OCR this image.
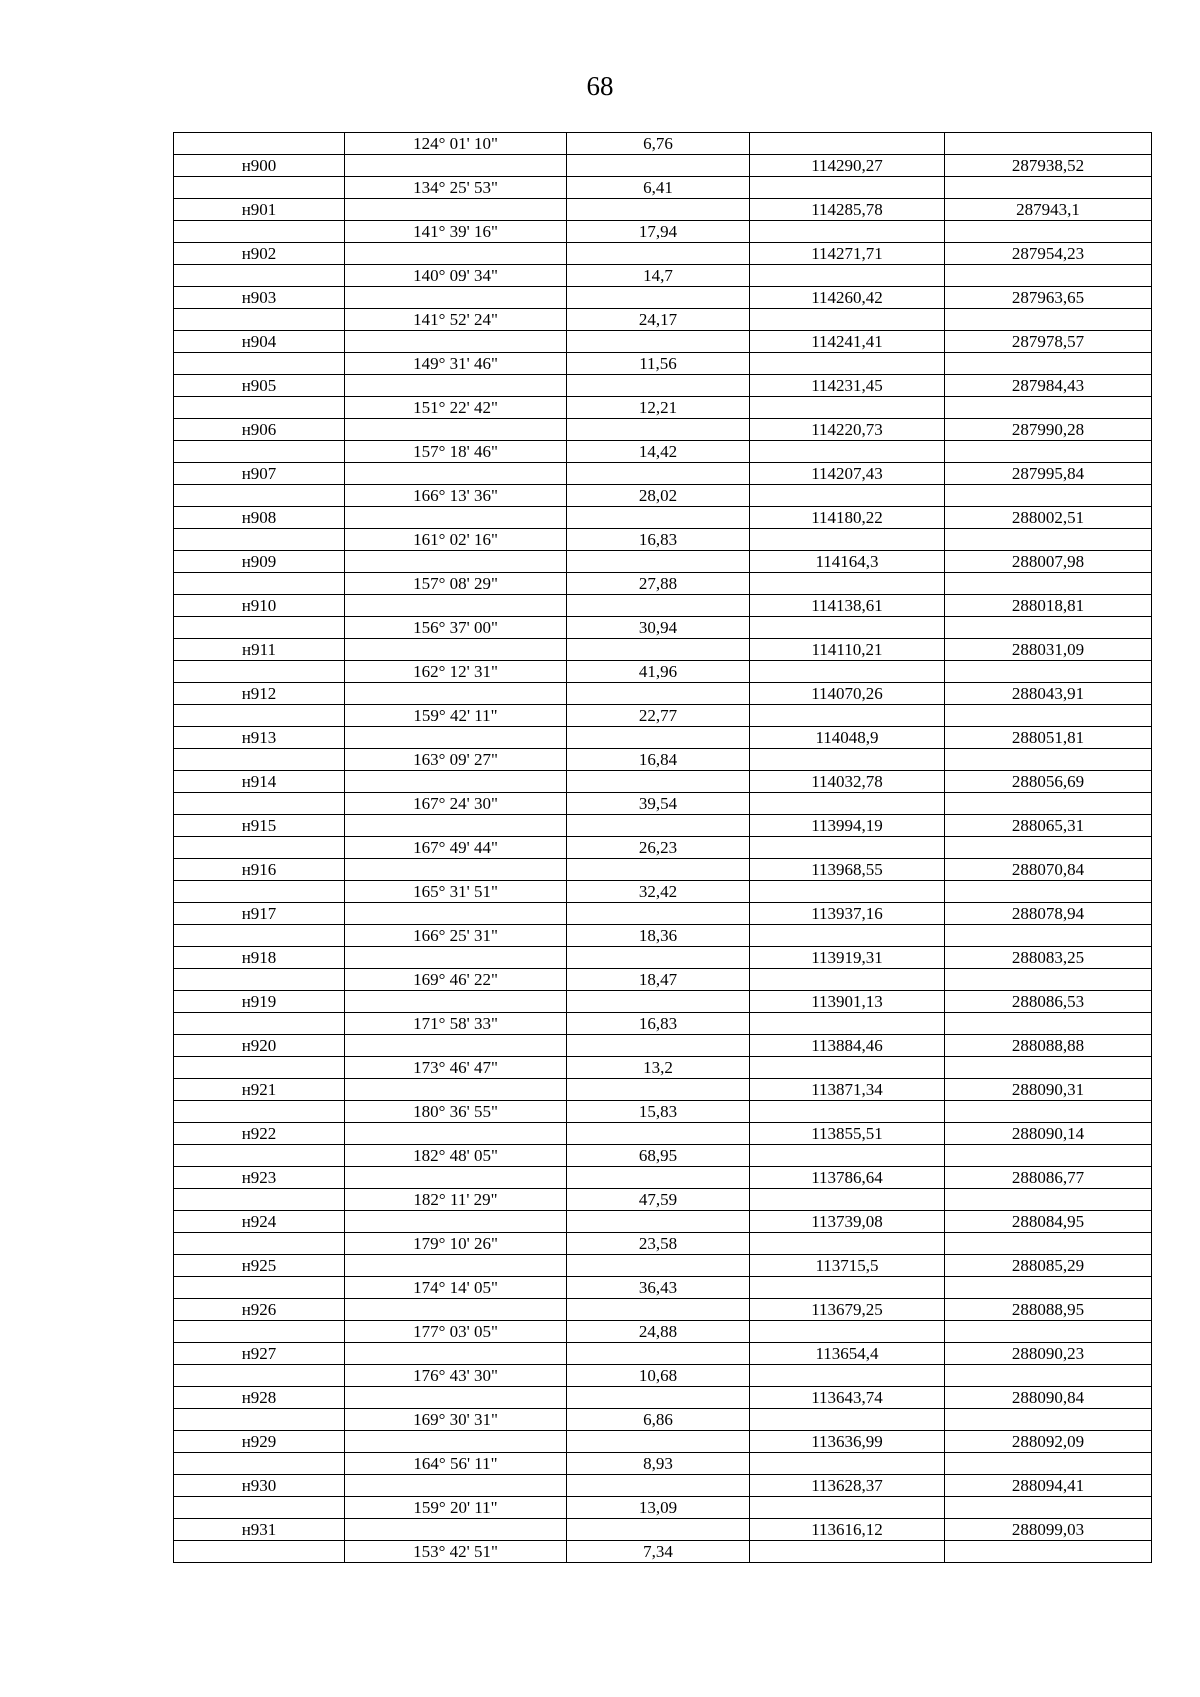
68
	124° 01' 10"	6,76		
н900			114290,27	287938,52
	134° 25' 53"	6,41		
н901			114285,78	287943,1
	141° 39' 16"	17,94		
н902			114271,71	287954,23
	140° 09' 34"	14,7		
н903			114260,42	287963,65
	141° 52' 24"	24,17		
н904			114241,41	287978,57
	149° 31' 46"	11,56		
н905			114231,45	287984,43
	151° 22' 42"	12,21		
н906			114220,73	287990,28
	157° 18' 46"	14,42		
н907			114207,43	287995,84
	166° 13' 36"	28,02		
н908			114180,22	288002,51
	161° 02' 16"	16,83		
н909			114164,3	288007,98
	157° 08' 29"	27,88		
н910			114138,61	288018,81
	156° 37' 00"	30,94		
н911			114110,21	288031,09
	162° 12' 31"	41,96		
н912			114070,26	288043,91
	159° 42' 11"	22,77		
н913			114048,9	288051,81
	163° 09' 27"	16,84		
н914			114032,78	288056,69
	167° 24' 30"	39,54		
н915			113994,19	288065,31
	167° 49' 44"	26,23		
н916			113968,55	288070,84
	165° 31' 51"	32,42		
н917			113937,16	288078,94
	166° 25' 31"	18,36		
н918			113919,31	288083,25
	169° 46' 22"	18,47		
н919			113901,13	288086,53
	171° 58' 33"	16,83		
н920			113884,46	288088,88
	173° 46' 47"	13,2		
н921			113871,34	288090,31
	180° 36' 55"	15,83		
н922			113855,51	288090,14
	182° 48' 05"	68,95		
н923			113786,64	288086,77
	182° 11' 29"	47,59		
н924			113739,08	288084,95
	179° 10' 26"	23,58		
н925			113715,5	288085,29
	174° 14' 05"	36,43		
н926			113679,25	288088,95
	177° 03' 05"	24,88		
н927			113654,4	288090,23
	176° 43' 30"	10,68		
н928			113643,74	288090,84
	169° 30' 31"	6,86		
н929			113636,99	288092,09
	164° 56' 11"	8,93		
н930			113628,37	288094,41
	159° 20' 11"	13,09		
н931			113616,12	288099,03
	153° 42' 51"	7,34		
